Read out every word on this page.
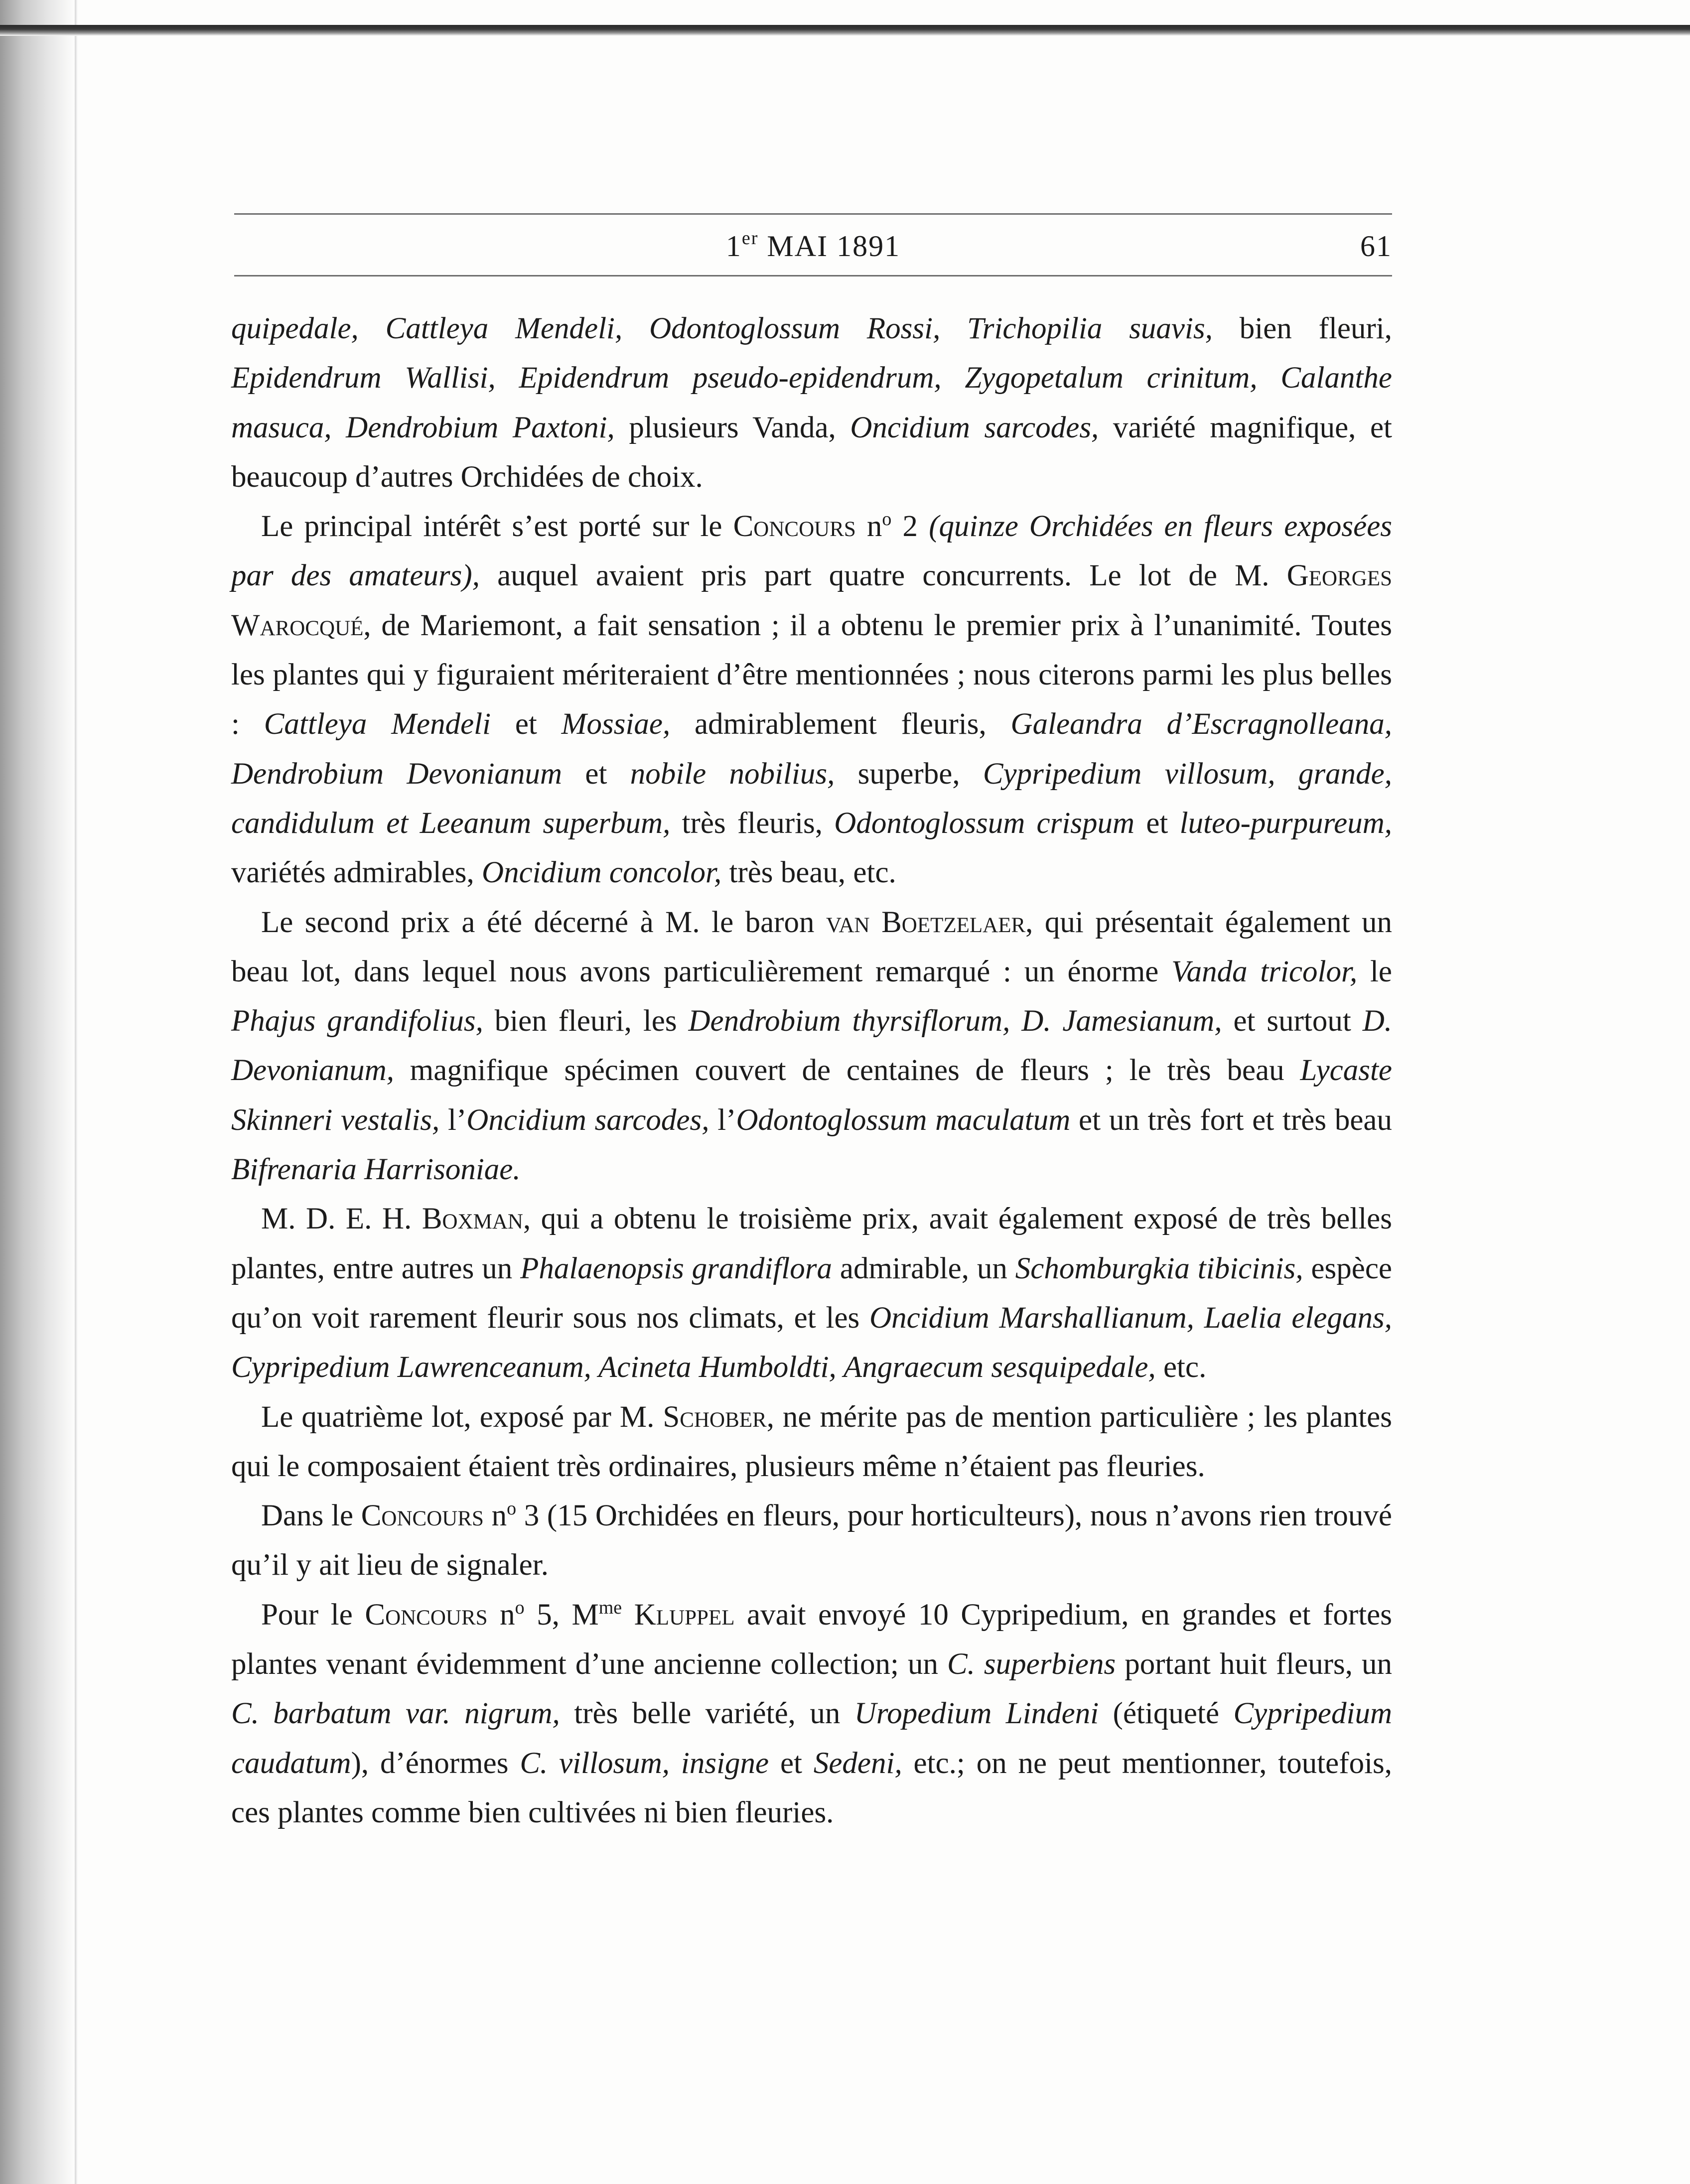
1er MAI 1891	61

quipedale, Cattleya Mendeli, Odontoglossum Rossi, Trichopilia suavis, bien fleuri, Epidendrum Wallisi, Epidendrum pseudo-epidendrum, Zygopetalum crinitum, Calanthe masuca, Dendrobium Paxtoni, plusieurs Vanda, Oncidium sarcodes, variété magnifique, et beaucoup d’autres Orchidées de choix.

Le principal intérêt s’est porté sur le Concours $n^o$ 2 (quinze Orchidées en fleurs exposées par des amateurs), auquel avaient pris part quatre concurrents. Le lot de M. Georges Warocqué, de Mariemont, a fait sensation ; il a obtenu le premier prix à l’unanimité. Toutes les plantes qui y figuraient mériteraient d’être mentionnées ; nous citerons parmi les plus belles : Cattleya Mendeli et Mossiae, admirablement fleuris, Galeandra d’Escragnolleana, Dendrobium Devonianum et nobile nobilius, superbe, Cypripedium villosum, grande, candidulum et Leeanum superbum, très fleuris, Odontoglossum crispum et luteo-purpureum, variétés admirables, Oncidium concolor, très beau, etc.

Le second prix a été décerné à M. le baron van Boetzelaer, qui présentait également un beau lot, dans lequel nous avons particulièrement remarqué : un énorme Vanda tricolor, le Phajus grandifolius, bien fleuri, les Dendrobium thyrsiflorum, D. Jamesianum, et surtout D. Devonianum, magnifique spécimen couvert de centaines de fleurs ; le très beau Lycaste Skinneri vestalis, l’Oncidium sarcodes, l’Odontoglossum maculatum et un très fort et très beau Bifrenaria Harrisoniae.

M. D. E. H. Boxman, qui a obtenu le troisième prix, avait également exposé de très belles plantes, entre autres un Phalaenopsis grandiflora admirable, un Schomburgkia tibicinis, espèce qu’on voit rarement fleurir sous nos climats, et les Oncidium Marshallianum, Laelia elegans, Cypripedium Lawrenceanum, Acineta Humboldti, Angraecum sesquipedale, etc.

Le quatrième lot, exposé par M. Schober, ne mérite pas de mention particulière ; les plantes qui le composaient étaient très ordinaires, plusieurs même n’étaient pas fleuries.

Dans le Concours $n^o$ 3 (15 Orchidées en fleurs, pour horticulteurs), nous n’avons rien trouvé qu’il y ait lieu de signaler.

Pour le Concours $n^o$ 5, $M^{me}$ Kluppel avait envoyé 10 Cypripedium, en grandes et fortes plantes venant évidemment d’une ancienne collection; un C. superbiens portant huit fleurs, un C. barbatum var. nigrum, très belle variété, un Uropedium Lindeni (étiqueté Cypripedium caudatum), d’énormes C. villosum, insigne et Sedeni, etc.; on ne peut mentionner, toutefois, ces plantes comme bien cultivées ni bien fleuries.
